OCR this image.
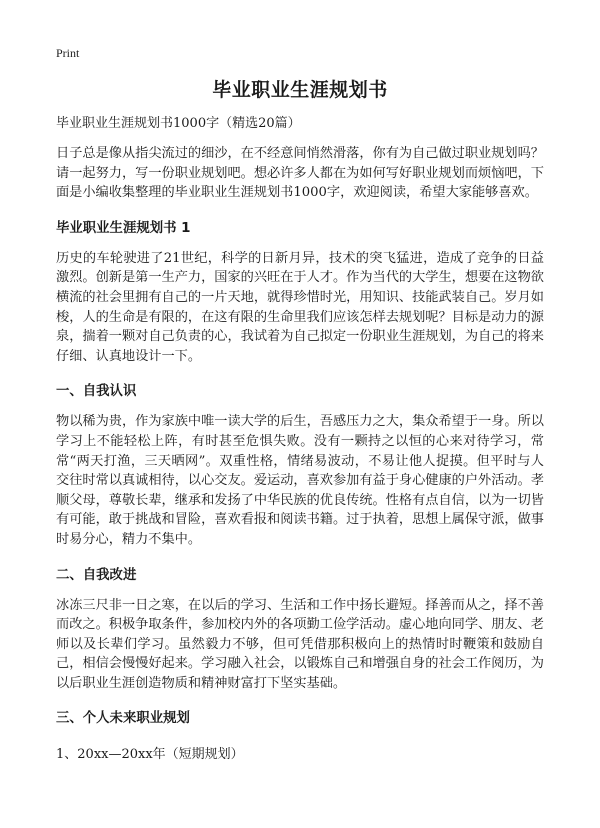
Print

毕业职业生涯规划书

毕业职业生涯规划书1000字（精选20篇）

日子总是像从指尖流过的细沙，在不经意间悄然滑落，你有为自己做过职业规划吗？请一起努力，写一份职业规划吧。想必许多人都在为如何写好职业规划而烦恼吧，下面是小编收集整理的毕业职业生涯规划书1000字，欢迎阅读，希望大家能够喜欢。

毕业职业生涯规划书 1

历史的车轮驶进了21世纪，科学的日新月异，技术的突飞猛进，造成了竞争的日益激烈。创新是第一生产力，国家的兴旺在于人才。作为当代的大学生，想要在这物欲横流的社会里拥有自己的一片天地，就得珍惜时光，用知识、技能武装自己。岁月如梭，人的生命是有限的，在这有限的生命里我们应该怎样去规划呢？目标是动力的源泉，揣着一颗对自己负责的心，我试着为自己拟定一份职业生涯规划，为自己的将来仔细、认真地设计一下。

一、自我认识

物以稀为贵，作为家族中唯一读大学的后生，吾感压力之大，集众希望于一身。所以学习上不能轻松上阵，有时甚至危惧失败。没有一颗持之以恒的心来对待学习，常常“两天打渔，三天晒网”。双重性格，情绪易波动，不易让他人捉摸。但平时与人交往时常以真诚相待，以心交友。爱运动，喜欢参加有益于身心健康的户外活动。孝顺父母，尊敬长辈，继承和发扬了中华民族的优良传统。性格有点自信，以为一切皆有可能，敢于挑战和冒险，喜欢看报和阅读书籍。过于执着，思想上属保守派，做事时易分心，精力不集中。

二、自我改进

冰冻三尺非一日之寒，在以后的学习、生活和工作中扬长避短。择善而从之，择不善而改之。积极争取条件，参加校内外的各项勤工俭学活动。虚心地向同学、朋友、老师以及长辈们学习。虽然毅力不够，但可凭借那积极向上的热情时时鞭策和鼓励自己，相信会慢慢好起来。学习融入社会，以锻炼自己和增强自身的社会工作阅历，为以后职业生涯创造物质和精神财富打下坚实基础。

三、个人未来职业规划

1、20xx—20xx年（短期规划）
